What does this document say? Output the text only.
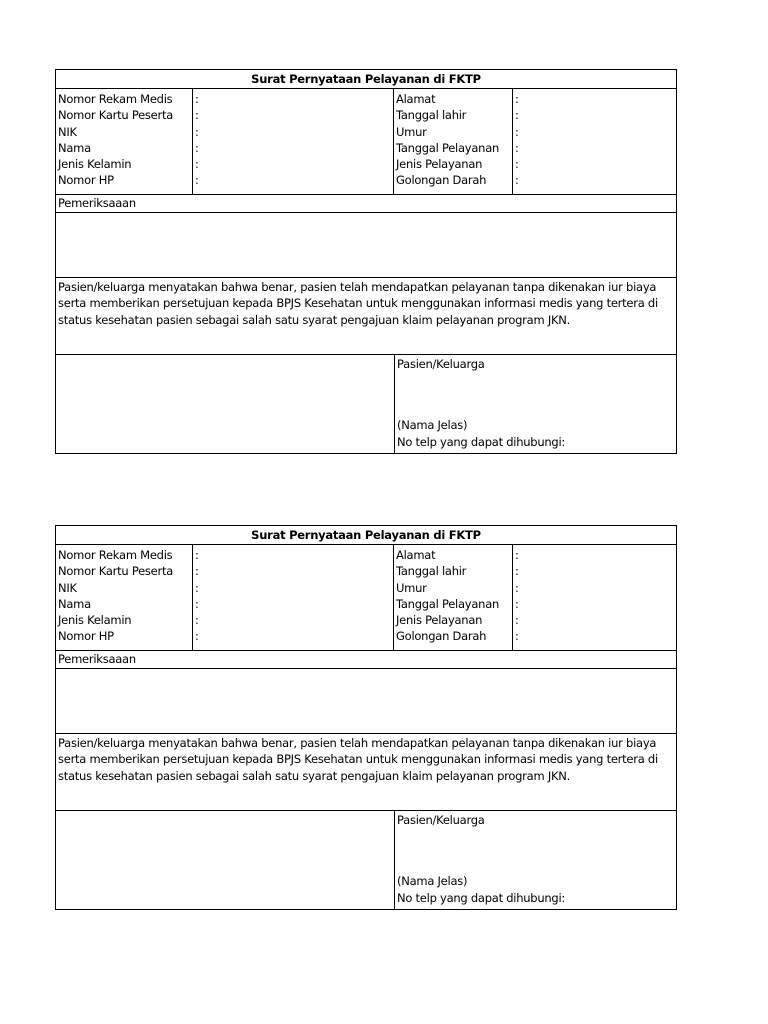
Surat Pernyataan Pelayanan di FKTP
Nomor Rekam Medis
Nomor Kartu Peserta
NIK
Nama
Jenis Kelamin
Nomor HP
:
:
:
:
:
:
Alamat
Tanggal lahir
Umur
Tanggal Pelayanan
Jenis Pelayanan
Golongan Darah
:
:
:
:
:
:
Pemeriksaaan
Pasien/keluarga menyatakan bahwa benar, pasien telah mendapatkan pelayanan tanpa dikenakan iur biaya
serta memberikan persetujuan kepada BPJS Kesehatan untuk menggunakan informasi medis yang tertera di
status kesehatan pasien sebagai salah satu syarat pengajuan klaim pelayanan program JKN.
Pasien/Keluarga
(Nama Jelas)
No telp yang dapat dihubungi:
Surat Pernyataan Pelayanan di FKTP
Nomor Rekam Medis
Nomor Kartu Peserta
NIK
Nama
Jenis Kelamin
Nomor HP
:
:
:
:
:
:
Alamat
Tanggal lahir
Umur
Tanggal Pelayanan
Jenis Pelayanan
Golongan Darah
:
:
:
:
:
:
Pemeriksaaan
Pasien/keluarga menyatakan bahwa benar, pasien telah mendapatkan pelayanan tanpa dikenakan iur biaya
serta memberikan persetujuan kepada BPJS Kesehatan untuk menggunakan informasi medis yang tertera di
status kesehatan pasien sebagai salah satu syarat pengajuan klaim pelayanan program JKN.
Pasien/Keluarga
(Nama Jelas)
No telp yang dapat dihubungi:
